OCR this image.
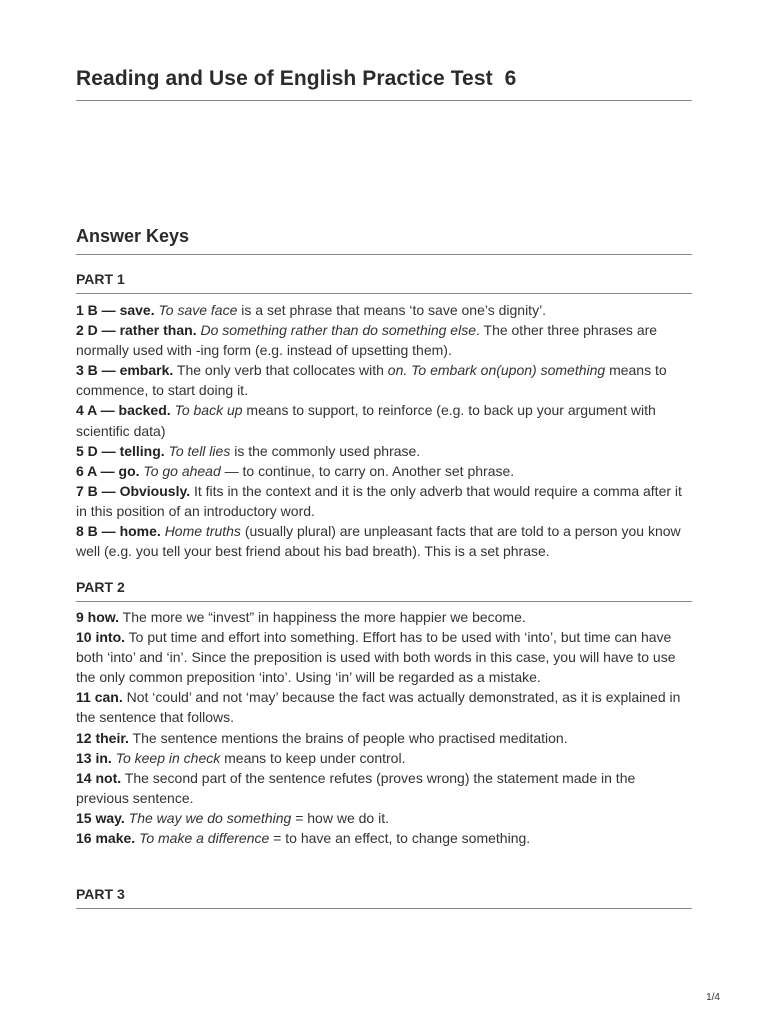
Reading and Use of English Practice Test  6
Answer Keys
PART 1

1 B — save. To save face is a set phrase that means ‘to save one’s dignity’.

2 D — rather than. Do something rather than do something else. The other three phrases are normally used with -ing form (e.g. instead of upsetting them).

3 B — embark. The only verb that collocates with on. To embark on(upon) something means to commence, to start doing it.

4 A — backed. To back up means to support, to reinforce (e.g. to back up your argument with scientific data)

5 D — telling. To tell lies is the commonly used phrase.

6 A — go. To go ahead — to continue, to carry on. Another set phrase.

7 B — Obviously. It fits in the context and it is the only adverb that would require a comma after it in this position of an introductory word.

8 B — home. Home truths (usually plural) are unpleasant facts that are told to a person you know well (e.g. you tell your best friend about his bad breath). This is a set phrase.

PART 2

9 how. The more we “invest” in happiness the more happier we become.

10 into. To put time and effort into something. Effort has to be used with ‘into’, but time can have both ‘into’ and ‘in’. Since the preposition is used with both words in this case, you will have to use the only common preposition ‘into’. Using ‘in’ will be regarded as a mistake.

11 can. Not ‘could’ and not ‘may’ because the fact was actually demonstrated, as it is explained in the sentence that follows.

12 their. The sentence mentions the brains of people who practised meditation.

13 in. To keep in check means to keep under control.

14 not. The second part of the sentence refutes (proves wrong) the statement made in the previous sentence.

15 way. The way we do something = how we do it.

16 make. To make a difference = to have an effect, to change something.

PART 3
1/4
